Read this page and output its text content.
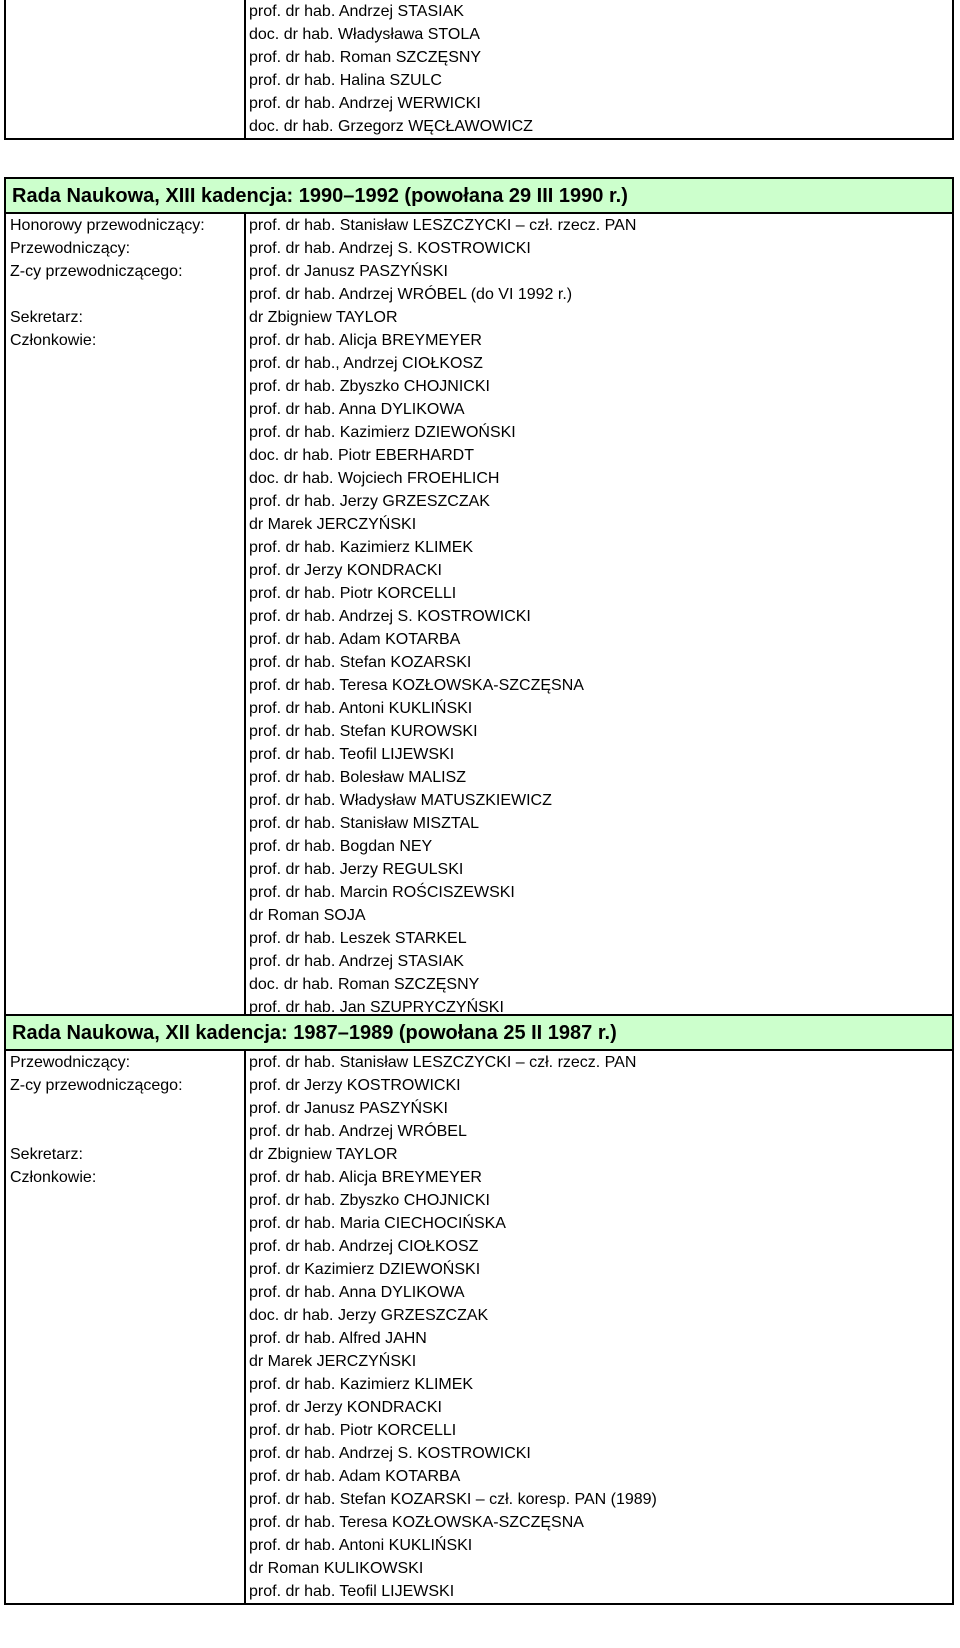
prof. dr hab. Andrzej STASIAK
doc. dr hab. Władysława STOLA
prof. dr hab. Roman SZCZĘSNY
prof. dr hab. Halina SZULC
prof. dr hab. Andrzej WERWICKI
doc. dr hab. Grzegorz WĘCŁAWOWICZ
Rada Naukowa, XIII kadencja: 1990–1992 (powołana 29 III 1990 r.)
Honorowy przewodniczący:	prof. dr hab. Stanisław LESZCZYCKI – czł. rzecz. PAN
Przewodniczący:	prof. dr hab. Andrzej S. KOSTROWICKI
Z-cy przewodniczącego:	prof. dr Janusz PASZYŃSKI
prof. dr hab. Andrzej WRÓBEL (do VI 1992 r.)
Sekretarz:	dr Zbigniew TAYLOR
Członkowie:	prof. dr hab. Alicja BREYMEYER
prof. dr hab., Andrzej CIOŁKOSZ
prof. dr hab. Zbyszko CHOJNICKI
prof. dr hab. Anna DYLIKOWA
prof. dr hab. Kazimierz DZIEWOŃSKI
doc. dr hab. Piotr EBERHARDT
doc. dr hab. Wojciech FROEHLICH
prof. dr hab. Jerzy GRZESZCZAK
dr Marek JERCZYŃSKI
prof. dr hab. Kazimierz KLIMEK
prof. dr Jerzy KONDRACKI
prof. dr hab. Piotr KORCELLI
prof. dr hab. Andrzej S. KOSTROWICKI
prof. dr hab. Adam KOTARBA
prof. dr hab. Stefan KOZARSKI
prof. dr hab. Teresa KOZŁOWSKA-SZCZĘSNA
prof. dr hab. Antoni KUKLIŃSKI
prof. dr hab. Stefan KUROWSKI
prof. dr hab. Teofil LIJEWSKI
prof. dr hab. Bolesław MALISZ
prof. dr hab. Władysław MATUSZKIEWICZ
prof. dr hab. Stanisław MISZTAL
prof. dr hab. Bogdan NEY
prof. dr hab. Jerzy REGULSKI
prof. dr hab. Marcin ROŚCISZEWSKI
dr Roman SOJA
prof. dr hab. Leszek STARKEL
prof. dr hab. Andrzej STASIAK
doc. dr hab. Roman SZCZĘSNY
prof. dr hab. Jan SZUPRYCZYŃSKI
Rada Naukowa, XII kadencja: 1987–1989 (powołana 25 II 1987 r.)
Przewodniczący:	prof. dr hab. Stanisław LESZCZYCKI – czł. rzecz. PAN
Z-cy przewodniczącego:	prof. dr Jerzy KOSTROWICKI
prof. dr Janusz PASZYŃSKI
prof. dr hab. Andrzej WRÓBEL
Sekretarz:	dr Zbigniew TAYLOR
Członkowie:	prof. dr hab. Alicja BREYMEYER
prof. dr hab. Zbyszko CHOJNICKI
prof. dr hab. Maria CIECHOCIŃSKA
prof. dr hab. Andrzej CIOŁKOSZ
prof. dr Kazimierz DZIEWOŃSKI
prof. dr hab. Anna DYLIKOWA
doc. dr hab. Jerzy GRZESZCZAK
prof. dr hab. Alfred JAHN
dr Marek JERCZYŃSKI
prof. dr hab. Kazimierz KLIMEK
prof. dr Jerzy KONDRACKI
prof. dr hab. Piotr KORCELLI
prof. dr hab. Andrzej S. KOSTROWICKI
prof. dr hab. Adam KOTARBA
prof. dr hab. Stefan KOZARSKI – czł. koresp. PAN (1989)
prof. dr hab. Teresa KOZŁOWSKA-SZCZĘSNA
prof. dr hab. Antoni KUKLIŃSKI
dr Roman KULIKOWSKI
prof. dr hab. Teofil LIJEWSKI
